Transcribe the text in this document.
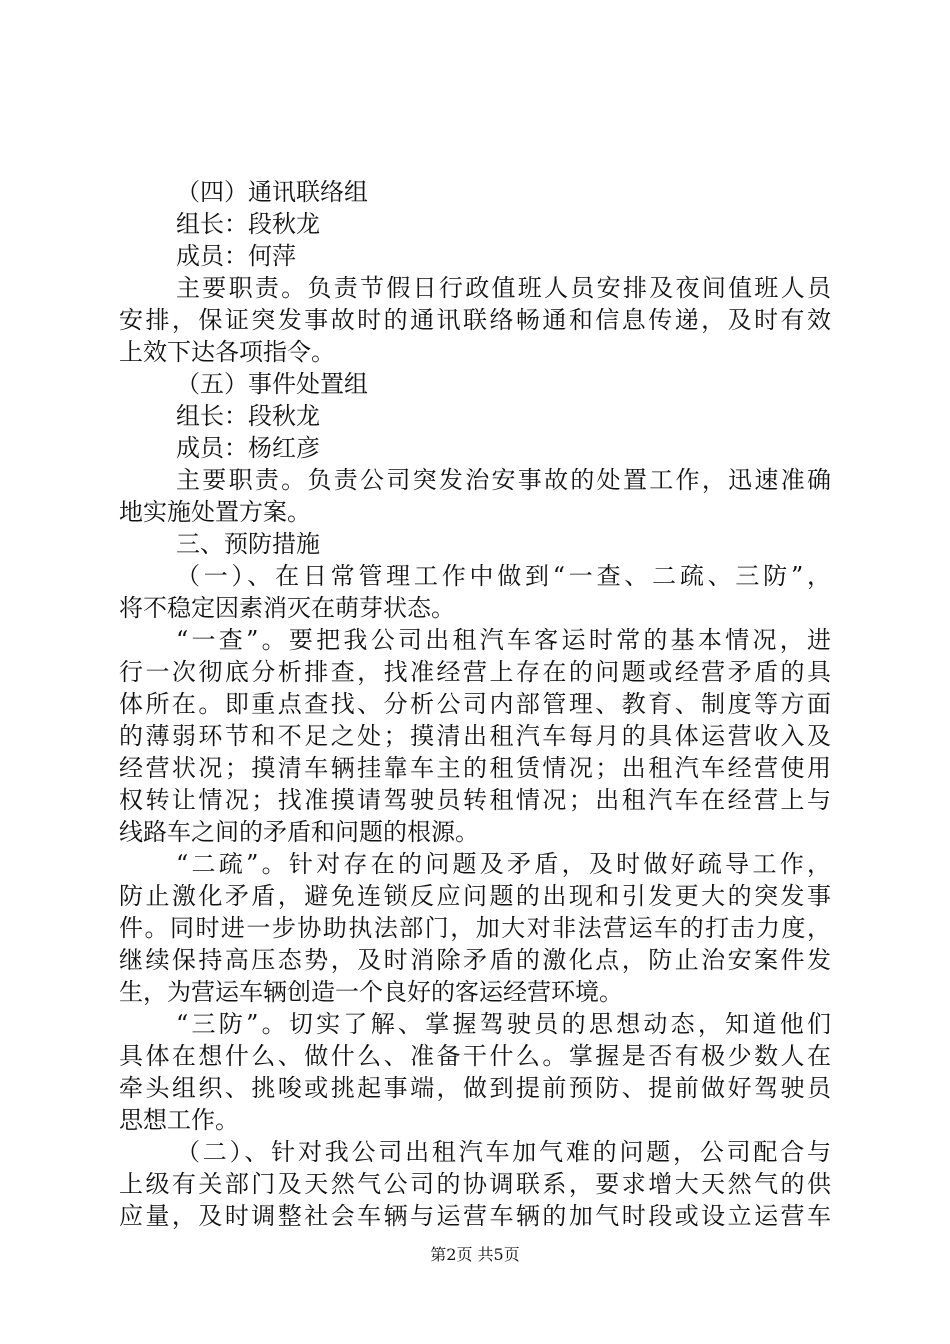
（四）通讯联络组
组长：段秋龙
成员：何萍
主要职责。负责节假日行政值班人员安排及夜间值班人员
安排，保证突发事故时的通讯联络畅通和信息传递，及时有效
上效下达各项指令。
（五）事件处置组
组长：段秋龙
成员：杨红彦
主要职责。负责公司突发治安事故的处置工作，迅速准确
地实施处置方案。
三、预防措施
（一）、在日常管理工作中做到“一查、二疏、三防”，
将不稳定因素消灭在萌芽状态。
“一查”。要把我公司出租汽车客运时常的基本情况，进
行一次彻底分析排查，找准经营上存在的问题或经营矛盾的具
体所在。即重点查找、分析公司内部管理、教育、制度等方面
的薄弱环节和不足之处；摸清出租汽车每月的具体运营收入及
经营状况；摸清车辆挂靠车主的租赁情况；出租汽车经营使用
权转让情况；找准摸请驾驶员转租情况；出租汽车在经营上与
线路车之间的矛盾和问题的根源。
“二疏”。针对存在的问题及矛盾，及时做好疏导工作，
防止激化矛盾，避免连锁反应问题的出现和引发更大的突发事
件。同时进一步协助执法部门，加大对非法营运车的打击力度，
继续保持高压态势，及时消除矛盾的激化点，防止治安案件发
生，为营运车辆创造一个良好的客运经营环境。
“三防”。切实了解、掌握驾驶员的思想动态，知道他们
具体在想什么、做什么、准备干什么。掌握是否有极少数人在
牵头组织、挑唆或挑起事端，做到提前预防、提前做好驾驶员
思想工作。
（二）、针对我公司出租汽车加气难的问题，公司配合与
上级有关部门及天然气公司的协调联系，要求增大天然气的供
应量，及时调整社会车辆与运营车辆的加气时段或设立运营车
第2页 共5页
